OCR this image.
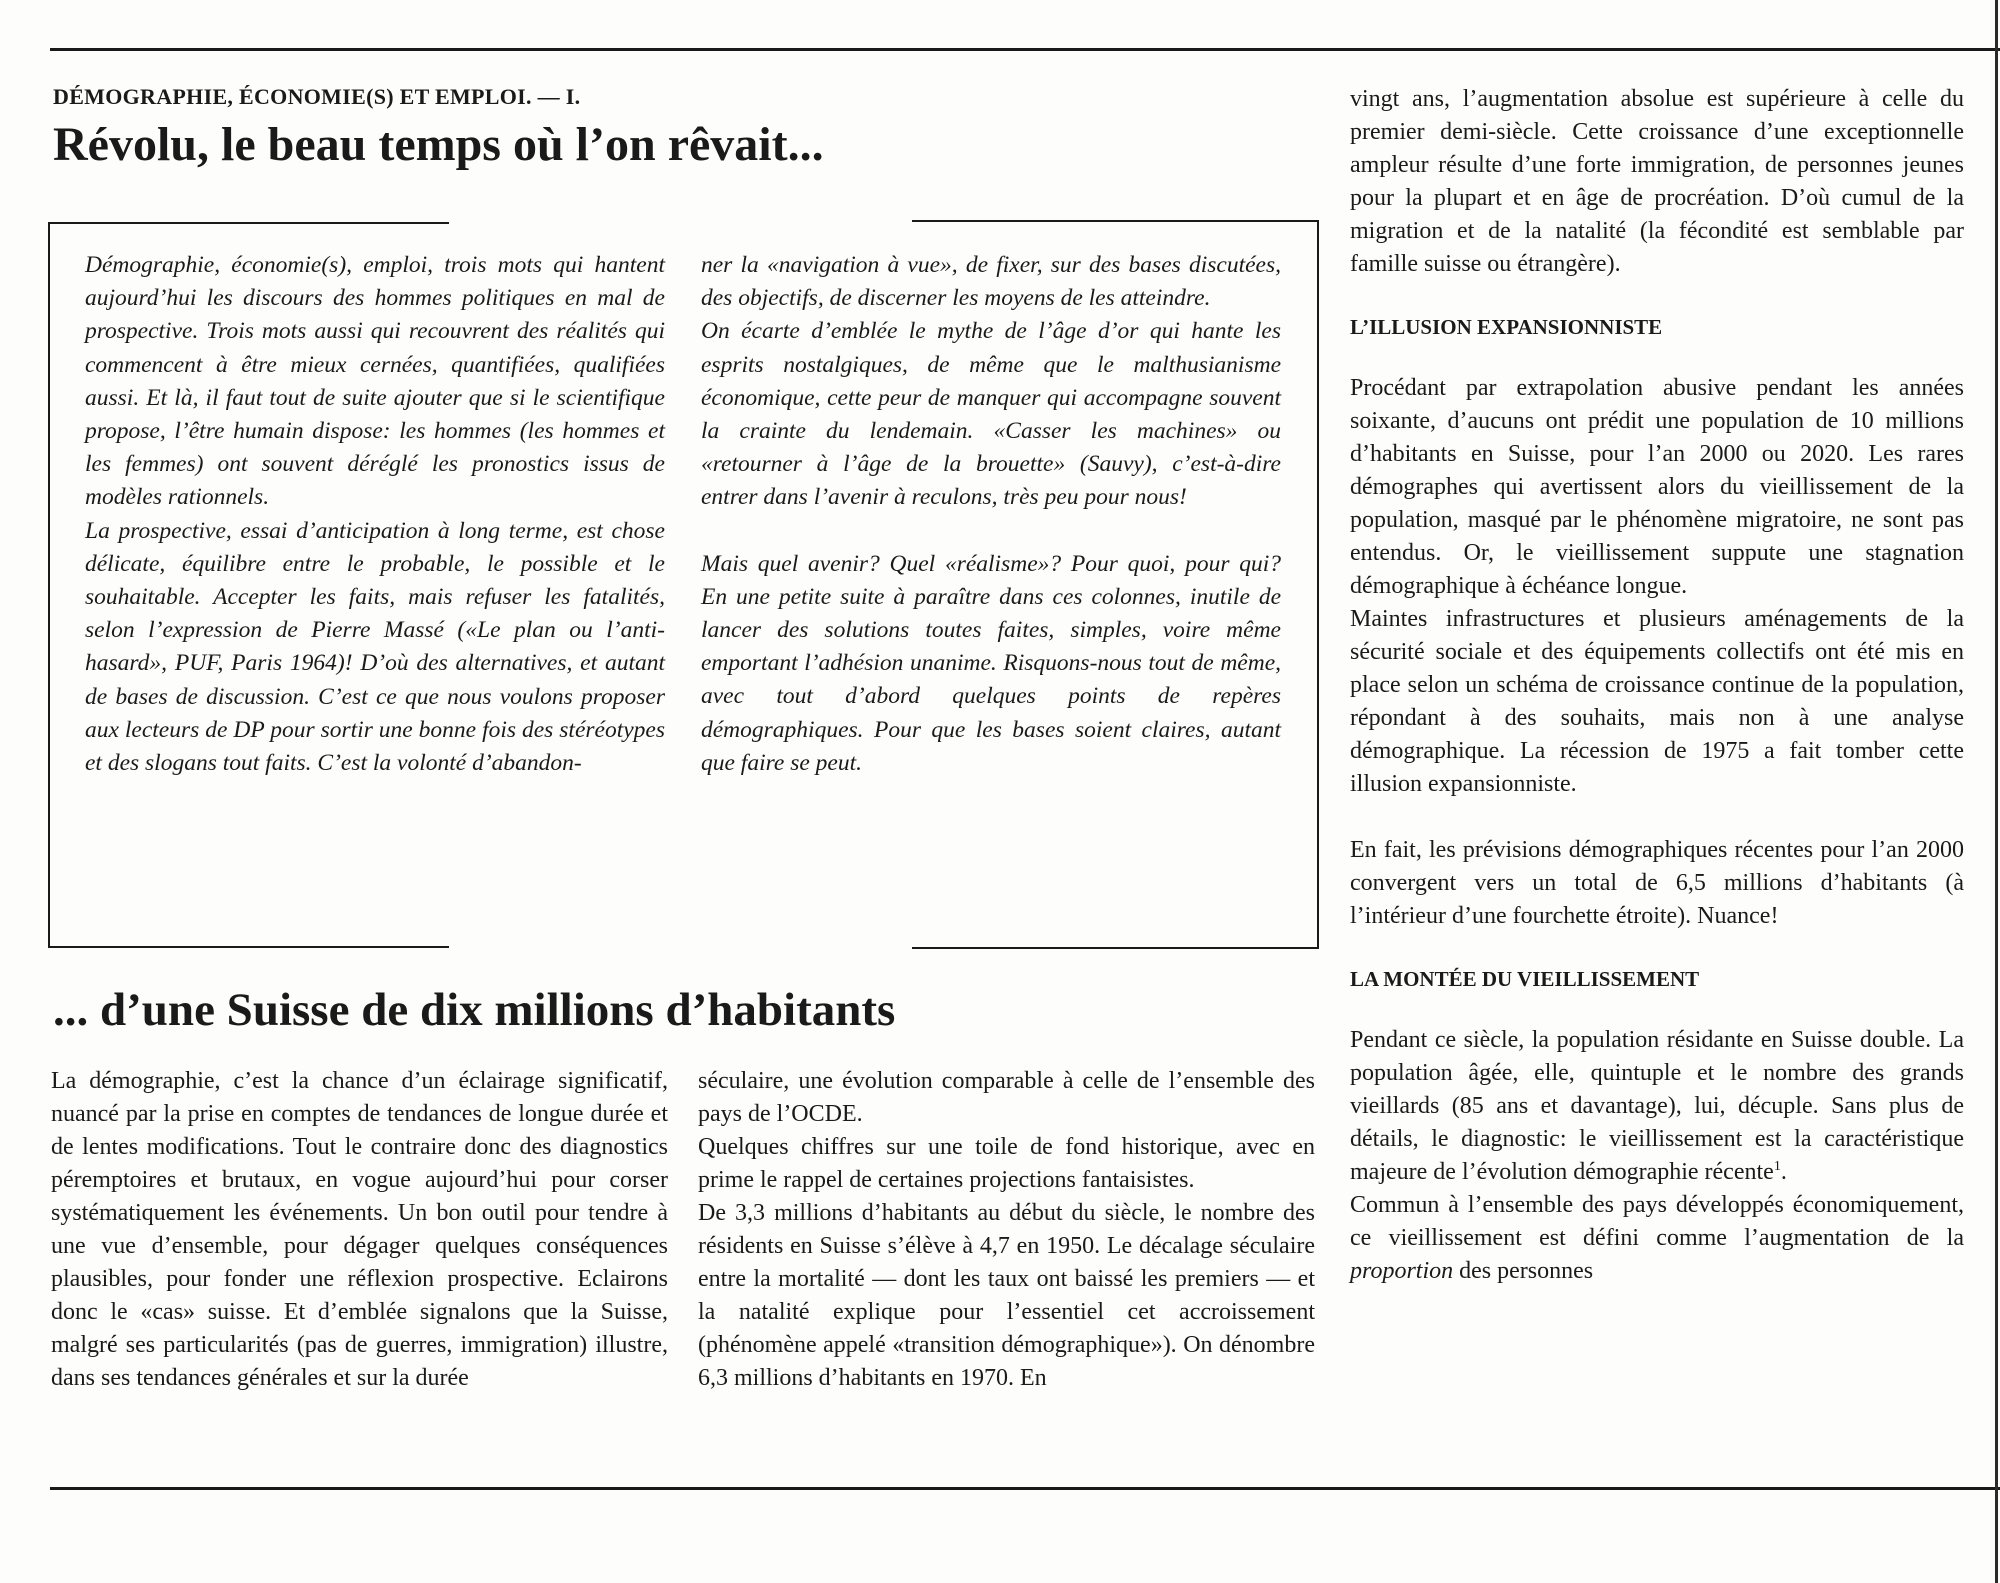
DÉMOGRAPHIE, ÉCONOMIE(S) ET EMPLOI. — I.
Révolu, le beau temps où l’on rêvait...

Démographie, économie(s), emploi, trois mots qui hantent aujourd’hui les discours des hommes politiques en mal de prospective. Trois mots aussi qui recouvrent des réalités qui commencent à être mieux cernées, quantifiées, qualifiées aussi. Et là, il faut tout de suite ajouter que si le scientifique propose, l’être humain dispose: les hommes (les hommes et les femmes) ont souvent déréglé les pronostics issus de modèles rationnels.

La prospective, essai d’anticipation à long terme, est chose délicate, équilibre entre le probable, le possible et le souhaitable. Accepter les faits, mais refuser les fatalités, selon l’expression de Pierre Massé («Le plan ou l’anti-hasard», PUF, Paris 1964)! D’où des alternatives, et autant de bases de discussion. C’est ce que nous voulons proposer aux lecteurs de DP pour sortir une bonne fois des stéréotypes et des slogans tout faits. C’est la volonté d’abandon-

ner la «navigation à vue», de fixer, sur des bases discutées, des objectifs, de discerner les moyens de les atteindre.

On écarte d’emblée le mythe de l’âge d’or qui hante les esprits nostalgiques, de même que le malthusianisme économique, cette peur de manquer qui accompagne souvent la crainte du lendemain. «Casser les machines» ou «retourner à l’âge de la brouette» (Sauvy), c’est-à-dire entrer dans l’avenir à reculons, très peu pour nous!

Mais quel avenir? Quel «réalisme»? Pour quoi, pour qui? En une petite suite à paraître dans ces colonnes, inutile de lancer des solutions toutes faites, simples, voire même emportant l’adhésion unanime. Risquons-nous tout de même, avec tout d’abord quelques points de repères démographiques. Pour que les bases soient claires, autant que faire se peut.

... d’une Suisse de dix millions d’habitants

La démographie, c’est la chance d’un éclairage significatif, nuancé par la prise en comptes de tendances de longue durée et de lentes modifications. Tout le contraire donc des diagnostics péremptoires et brutaux, en vogue aujourd’hui pour corser systématiquement les événements. Un bon outil pour tendre à une vue d’ensemble, pour dégager quelques conséquences plausibles, pour fonder une réflexion prospective. Eclairons donc le «cas» suisse. Et d’emblée signalons que la Suisse, malgré ses particularités (pas de guerres, immigration) illustre, dans ses tendances générales et sur la durée

séculaire, une évolution comparable à celle de l’ensemble des pays de l’OCDE.

Quelques chiffres sur une toile de fond historique, avec en prime le rappel de certaines projections fantaisistes.

De 3,3 millions d’habitants au début du siècle, le nombre des résidents en Suisse s’élève à 4,7 en 1950. Le décalage séculaire entre la mortalité — dont les taux ont baissé les premiers — et la natalité explique pour l’essentiel cet accroissement (phénomène appelé «transition démographique»). On dénombre 6,3 millions d’habitants en 1970. En

vingt ans, l’augmentation absolue est supérieure à celle du premier demi-siècle. Cette croissance d’une exceptionnelle ampleur résulte d’une forte immigration, de personnes jeunes pour la plupart et en âge de procréation. D’où cumul de la migration et de la natalité (la fécondité est semblable par famille suisse ou étrangère).

L’ILLUSION EXPANSIONNISTE

Procédant par extrapolation abusive pendant les années soixante, d’aucuns ont prédit une population de 10 millions d’habitants en Suisse, pour l’an 2000 ou 2020. Les rares démographes qui avertissent alors du vieillissement de la population, masqué par le phénomène migratoire, ne sont pas entendus. Or, le vieillissement suppute une stagnation démographique à échéance longue.

Maintes infrastructures et plusieurs aménagements de la sécurité sociale et des équipements collectifs ont été mis en place selon un schéma de croissance continue de la population, répondant à des souhaits, mais non à une analyse démographique. La récession de 1975 a fait tomber cette illusion expansionniste.

En fait, les prévisions démographiques récentes pour l’an 2000 convergent vers un total de 6,5 millions d’habitants (à l’intérieur d’une fourchette étroite). Nuance!

LA MONTÉE DU VIEILLISSEMENT

Pendant ce siècle, la population résidante en Suisse double. La population âgée, elle, quintuple et le nombre des grands vieillards (85 ans et davantage), lui, décuple. Sans plus de détails, le diagnostic: le vieillissement est la caractéristique majeure de l’évolution démographie récente$^1$.

Commun à l’ensemble des pays développés économiquement, ce vieillissement est défini comme l’augmentation de la proportion des personnes
